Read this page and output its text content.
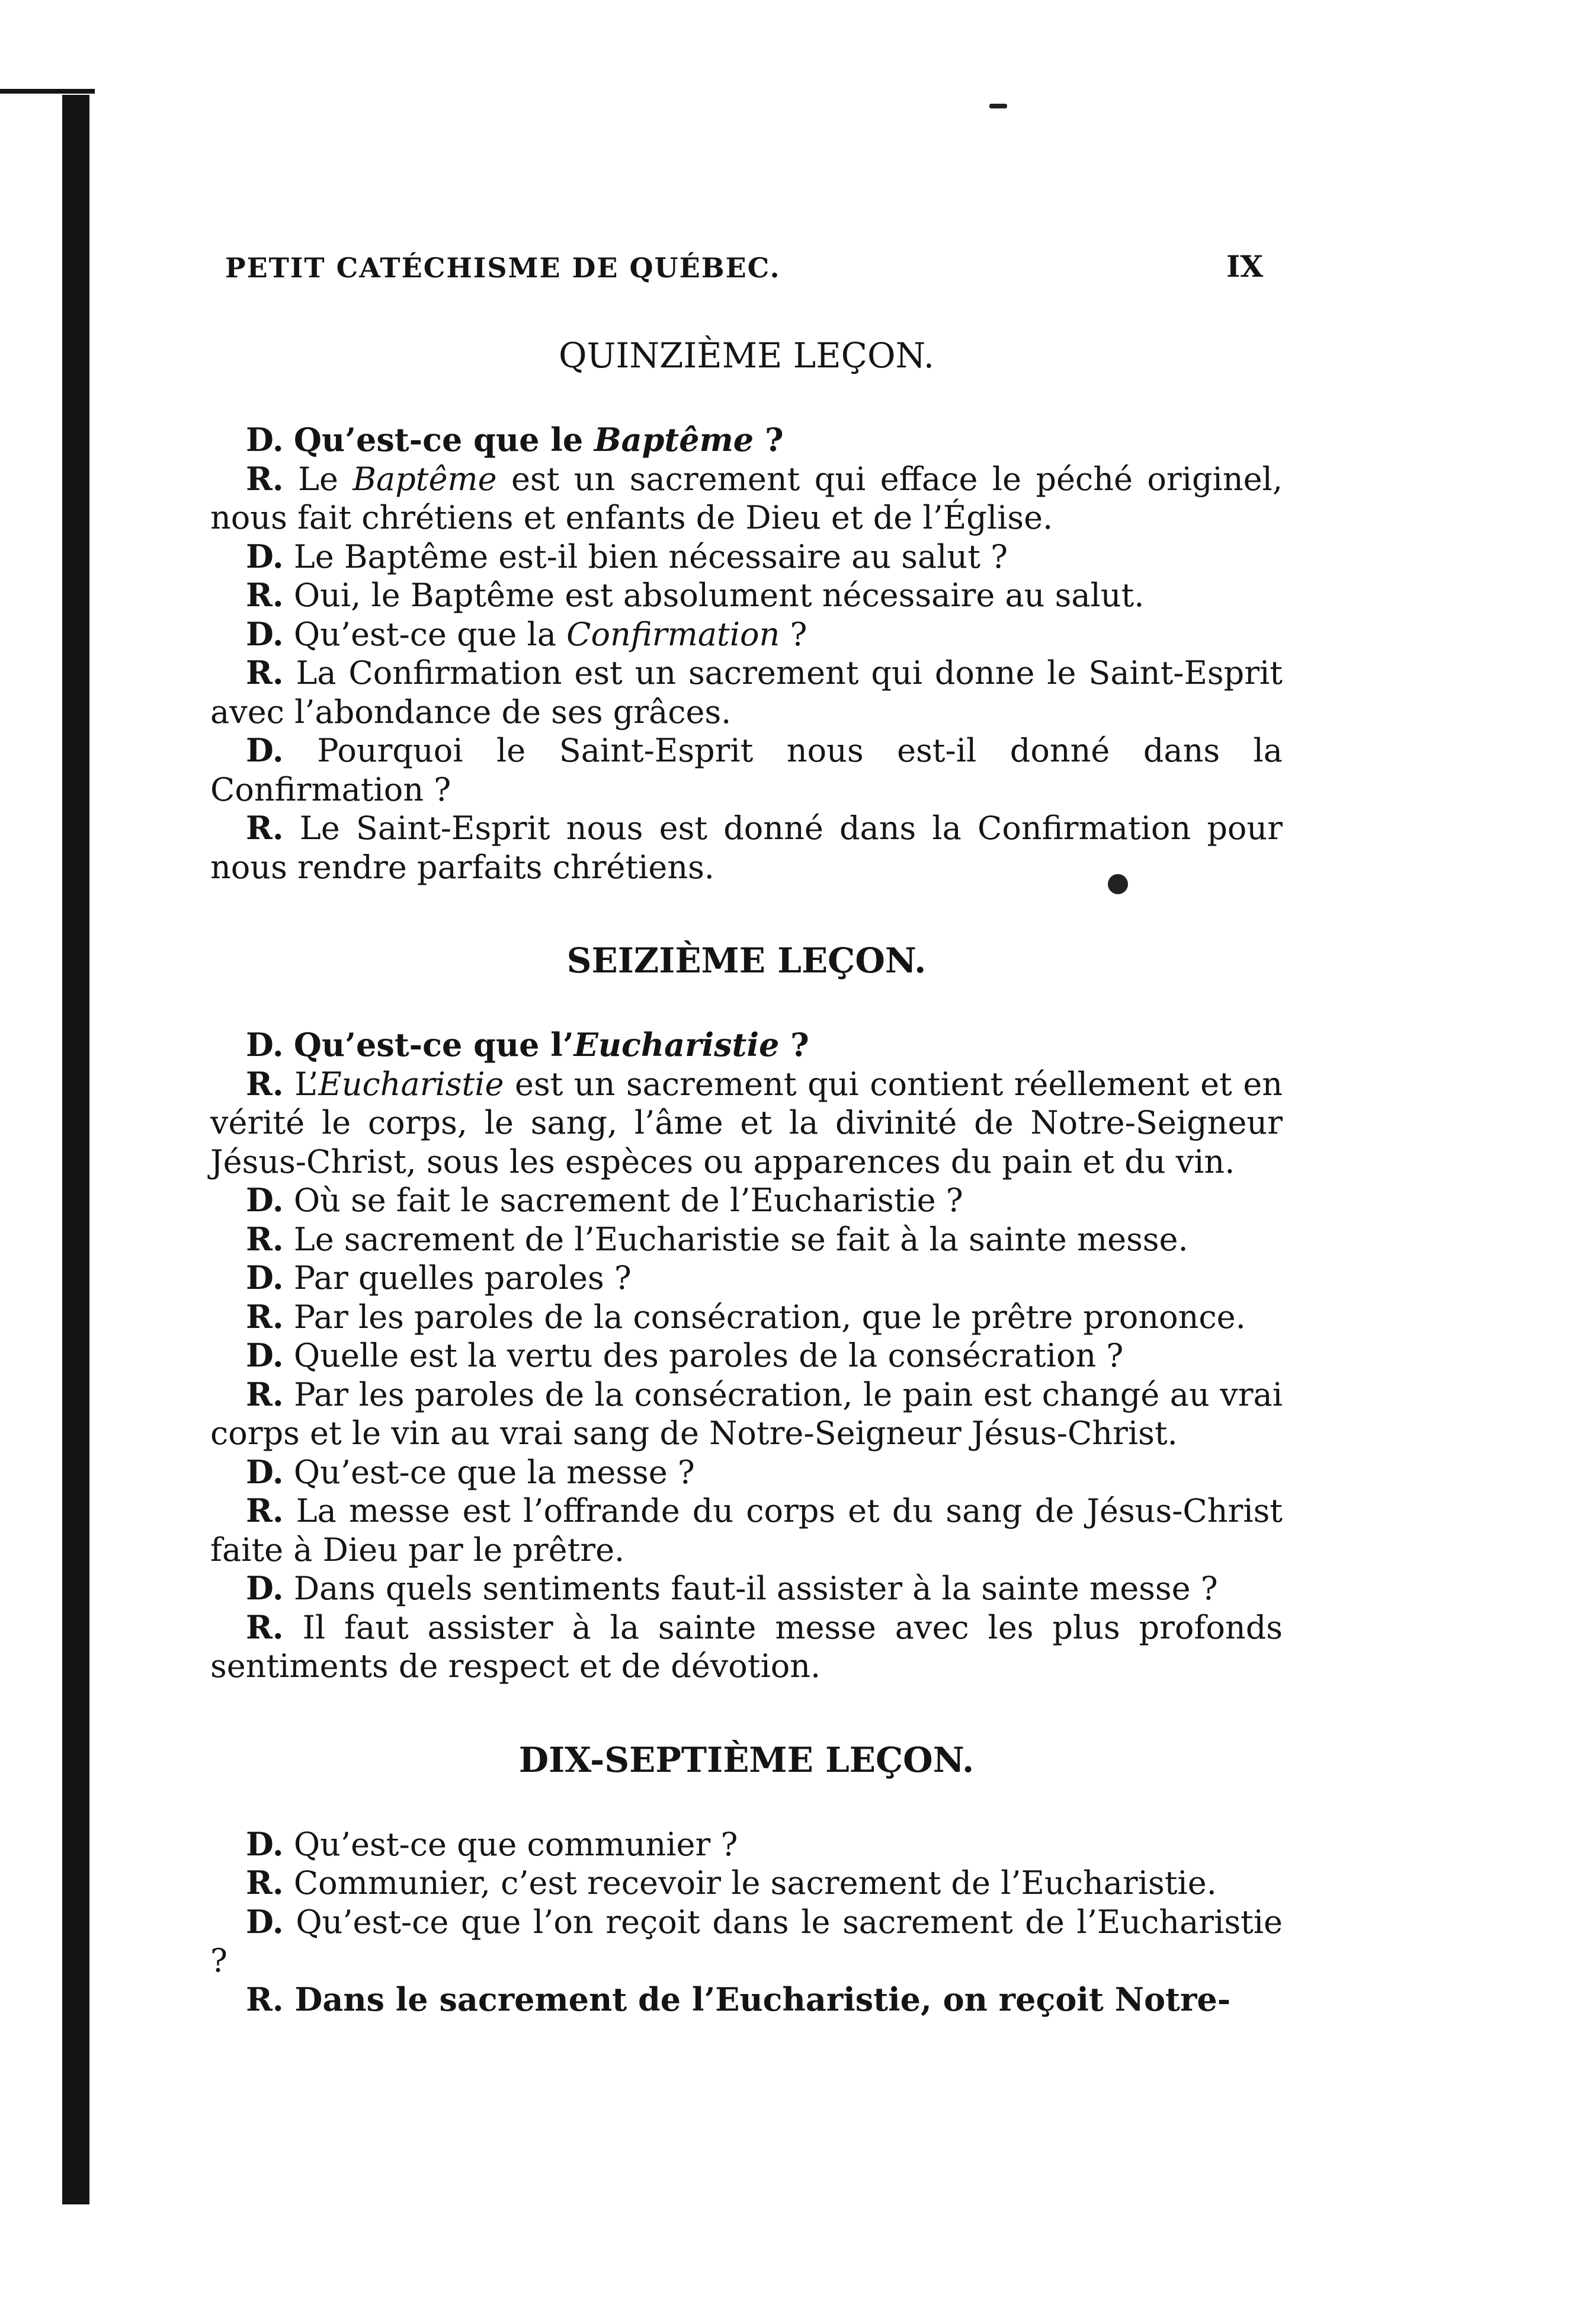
PETIT CATÉCHISME DE QUÉBEC.	IX
QUINZIÈME LEÇON.

D. Qu’est-ce que le Baptême ?

R. Le Baptême est un sacrement qui efface le péché originel, nous fait chrétiens et enfants de Dieu et de l’Église.

D. Le Baptême est-il bien nécessaire au salut ?

R. Oui, le Baptême est absolument nécessaire au salut.

D. Qu’est-ce que la Confirmation ?

R. La Confirmation est un sacrement qui donne le Saint-Esprit avec l’abondance de ses grâces.

D. Pourquoi le Saint-Esprit nous est-il donné dans la Confirmation ?

R. Le Saint-Esprit nous est donné dans la Confirmation pour nous rendre parfaits chrétiens.

SEIZIÈME LEÇON.

D. Qu’est-ce que l’Eucharistie ?

R. L’Eucharistie est un sacrement qui contient réellement et en vérité le corps, le sang, l’âme et la divinité de Notre-Seigneur Jésus-Christ, sous les espèces ou apparences du pain et du vin.

D. Où se fait le sacrement de l’Eucharistie ?

R. Le sacrement de l’Eucharistie se fait à la sainte messe.

D. Par quelles paroles ?

R. Par les paroles de la consécration, que le prêtre prononce.

D. Quelle est la vertu des paroles de la consécration ?

R. Par les paroles de la consécration, le pain est changé au vrai corps et le vin au vrai sang de Notre-Seigneur Jésus-Christ.

D. Qu’est-ce que la messe ?

R. La messe est l’offrande du corps et du sang de Jésus-Christ faite à Dieu par le prêtre.

D. Dans quels sentiments faut-il assister à la sainte messe ?

R. Il faut assister à la sainte messe avec les plus profonds sentiments de respect et de dévotion.

DIX-SEPTIÈME LEÇON.

D. Qu’est-ce que communier ?

R. Communier, c’est recevoir le sacrement de l’Eucharistie.

D. Qu’est-ce que l’on reçoit dans le sacrement de l’Eucharistie ?

R. Dans le sacrement de l’Eucharistie, on reçoit Notre-
